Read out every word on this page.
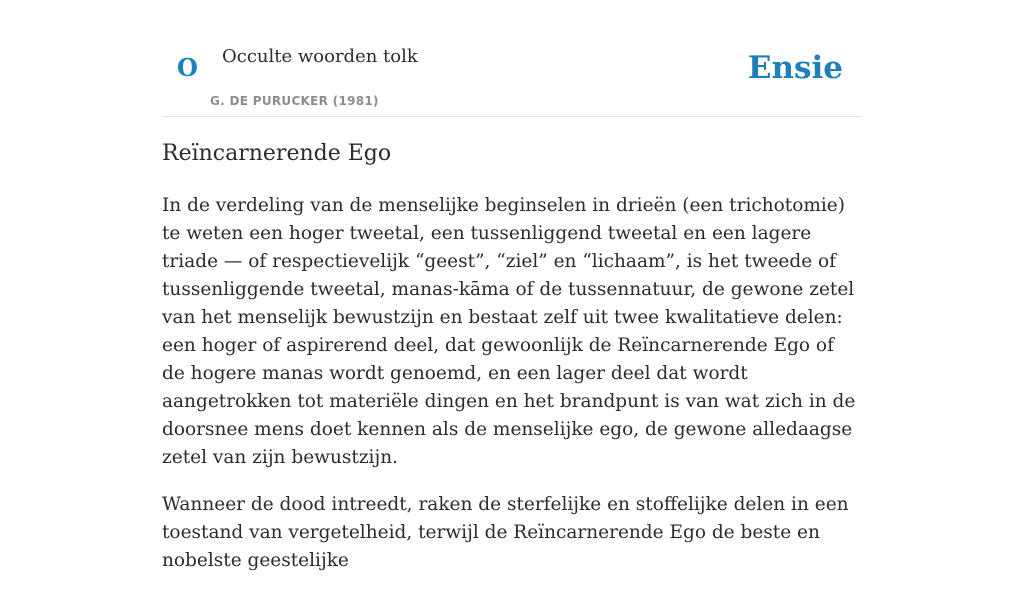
O Occulte woorden tolk
G. DE PURUCKER (1981)
Ensie
Reïncarnerende Ego

In de verdeling van de menselijke beginselen in drieën (een trichotomie) te weten een hoger tweetal, een tussenliggend tweetal en een lagere triade — of respectievelijk “geest”, “ziel” en “lichaam”, is het tweede of tussenliggende tweetal, manas-kāma of de tussennatuur, de gewone zetel van het menselijk bewustzijn en bestaat zelf uit twee kwalitatieve delen: een hoger of aspirerend deel, dat gewoonlijk de Reïncarnerende Ego of de hogere manas wordt genoemd, en een lager deel dat wordt aangetrokken tot materiële dingen en het brandpunt is van wat zich in de doorsnee mens doet kennen als de menselijke ego, de gewone alledaagse zetel van zijn bewustzijn.

Wanneer de dood intreedt, raken de sterfelijke en stoffelijke delen in een toestand van vergetelheid, terwijl de Reïncarnerende Ego de beste en nobelste geestelijke
